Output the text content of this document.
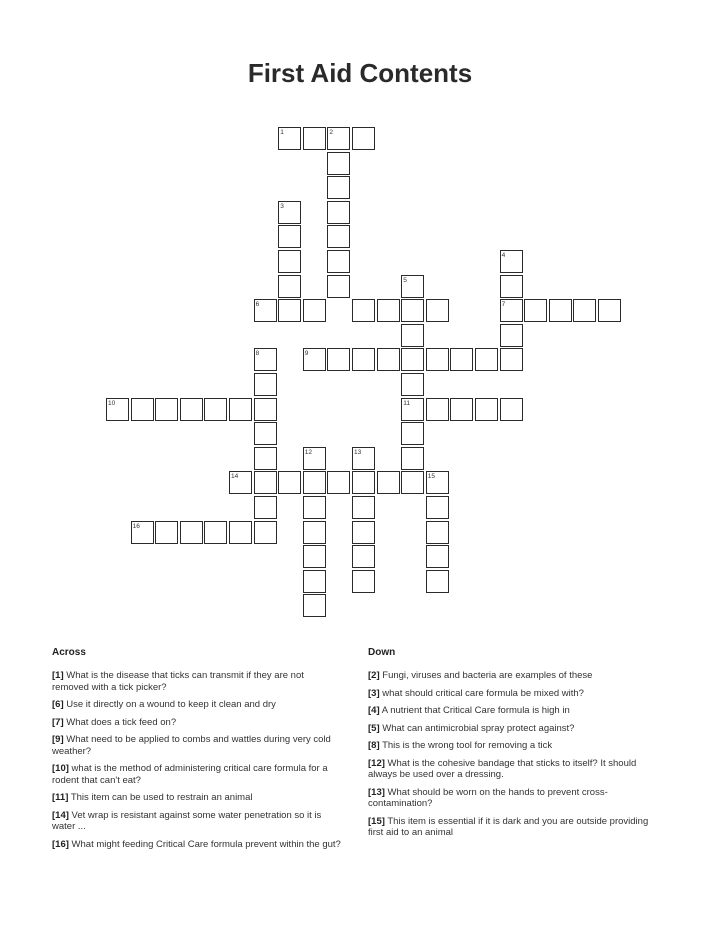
First Aid Contents
1	2
3
4
5
6	7
8	9
10	11
12	13
14	15
16
Across
[1] What is the disease that ticks can transmit if they are not removed with a tick picker?
[6] Use it directly on a wound to keep it clean and dry
[7] What does a tick feed on?
[9] What need to be applied to combs and wattles during very cold weather?
[10] what is the method of administering critical care formula for a rodent that can't eat?
[11] This item can be used to restrain an animal
[14] Vet wrap is resistant against some water penetration so it is water ...
[16] What might feeding Critical Care formula prevent within the gut?
Down
[2] Fungi, viruses and bacteria are examples of these
[3] what should critical care formula be mixed with?
[4] A nutrient that Critical Care formula is high in
[5] What can antimicrobial spray protect against?
[8] This is the wrong tool for removing a tick
[12] What is the cohesive bandage that sticks to itself? It should always be used over a dressing.
[13] What should be worn on the hands to prevent cross-contamination?
[15] This item is essential if it is dark and you are outside providing first aid to an animal
